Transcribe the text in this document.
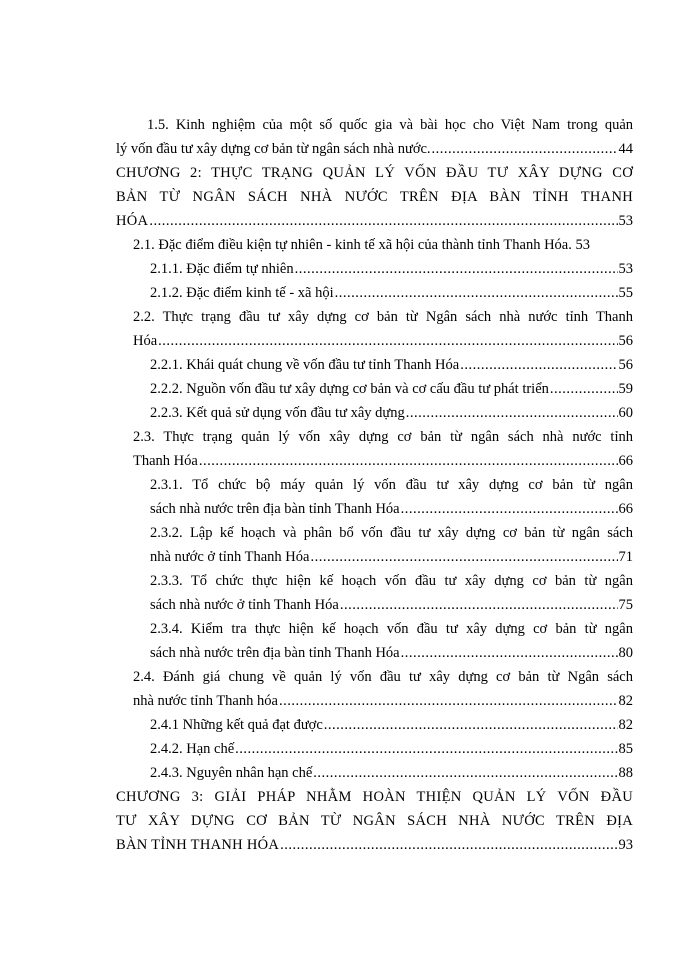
1.5. Kinh nghiệm của một số quốc gia và bài học cho Việt Nam trong quản
lý vốn đầu tư xây dựng cơ bản từ ngân sách nhà nước. .....	44
CHƯƠNG 2: THỰC TRẠNG QUẢN LÝ VỐN ĐẦU TƯ XÂY DỰNG CƠ
BẢN TỪ NGÂN SÁCH NHÀ NƯỚC TRÊN ĐỊA BÀN TỈNH THANH
HÓA .....	53
2.1. Đặc điểm điều kiện tự nhiên - kinh tế xã hội của thành tỉnh Thanh Hóa. 53
2.1.1. Đặc điểm tự nhiên .....	53
2.1.2. Đặc điểm kinh tế - xã hội .....	55
2.2. Thực trạng đầu tư xây dựng cơ bản từ Ngân sách nhà nước tỉnh Thanh
Hóa .....	56
2.2.1. Khái quát chung về vốn đầu tư tỉnh Thanh Hóa .....	56
2.2.2. Nguồn vốn đầu tư xây dựng cơ bản và cơ cấu đầu tư phát triển .....	59
2.2.3. Kết quả sử dụng vốn đầu tư xây dựng .....	60
2.3. Thực trạng quản lý vốn xây dựng cơ bản từ ngân sách nhà nước tỉnh
Thanh Hóa .....	66
2.3.1. Tổ chức bộ máy quản lý vốn đầu tư xây dựng cơ bản từ ngân
sách nhà nước trên địa bàn tỉnh Thanh Hóa .....	66
2.3.2. Lập kế hoạch và phân bổ vốn đầu tư xây dựng cơ bản từ ngân sách
nhà nước ở tỉnh Thanh Hóa .....	71
2.3.3. Tổ chức thực hiện kế hoạch vốn đầu tư xây dựng cơ bản từ ngân
sách nhà nước ở tỉnh Thanh Hóa .....	75
2.3.4. Kiểm tra thực hiện kế hoạch vốn đầu tư xây dựng cơ bản từ ngân
sách nhà nước trên địa bàn tỉnh Thanh Hóa .....	80
2.4. Đánh giá chung về quản lý vốn đầu tư xây dựng cơ bản từ Ngân sách
nhà nước tỉnh Thanh hóa .....	82
2.4.1 Những kết quả đạt được .....	82
2.4.2. Hạn chế .....	85
2.4.3. Nguyên nhân hạn chế .....	88
CHƯƠNG 3: GIẢI PHÁP NHẰM HOÀN THIỆN QUẢN LÝ VỐN ĐẦU
TƯ XÂY DỰNG CƠ BẢN TỪ NGÂN SÁCH NHÀ NƯỚC TRÊN ĐỊA
BÀN TỈNH THANH HÓA .....	93
